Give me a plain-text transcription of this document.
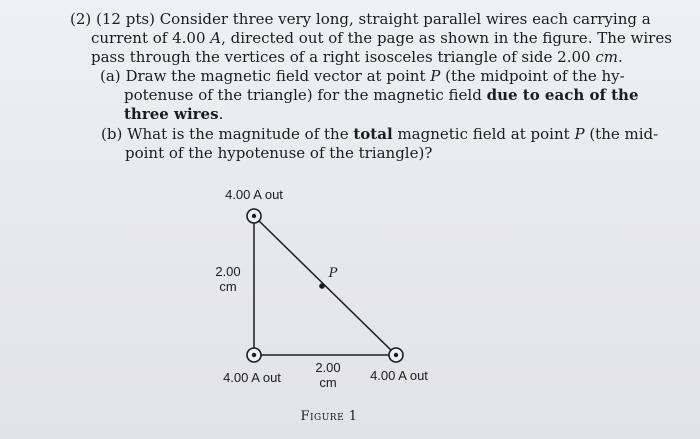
(2) (12 pts) Consider three very long, straight parallel wires each carrying a
current of 4.00 A, directed out of the page as shown in the figure. The wires
pass through the vertices of a right isosceles triangle of side 2.00 cm.
(a) Draw the magnetic field vector at point P (the midpoint of the hy-
potenuse of the triangle) for the magnetic field due to each of the
three wires.
(b) What is the magnitude of the total magnetic field at point P (the mid-
point of the hypotenuse of the triangle)?
4.00 A out
2.00
cm
P
4.00 A out
2.00
cm	4.00 A out
Figure 1
